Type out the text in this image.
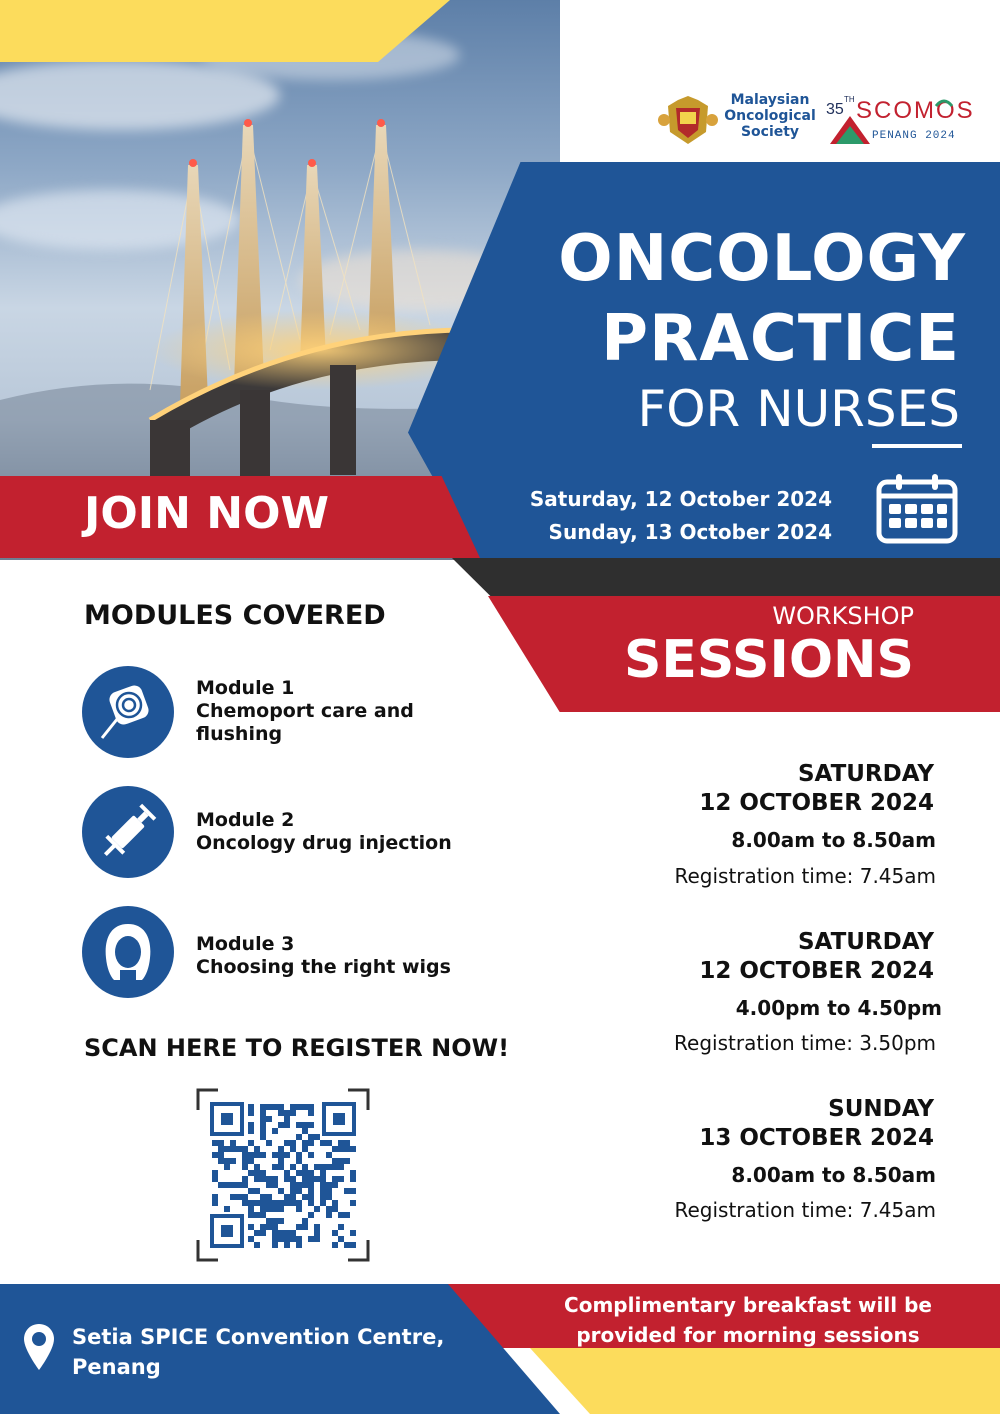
Malaysian
Oncological
Society
35
TH SCOMOS
PENANG 2024
ONCOLOGY
PRACTICE
FOR NURSES
Saturday, 12 October 2024
Sunday, 13 October 2024
JOIN NOW
WORKSHOP
SESSIONS
MODULES COVERED
Module 1
Chemoport care and flushing
Module 2
Oncology drug injection
Module 3
Choosing the right wigs
SATURDAY
12 OCTOBER 2024
8.00am to 8.50am
Registration time: 7.45am
SATURDAY
12 OCTOBER 2024
4.00pm to 4.50pm
Registration time: 3.50pm
SUNDAY
13 OCTOBER 2024
8.00am to 8.50am
Registration time: 7.45am
SCAN HERE TO REGISTER NOW!
Complimentary breakfast will be
provided for morning sessions
Setia SPICE Convention Centre,
Penang
